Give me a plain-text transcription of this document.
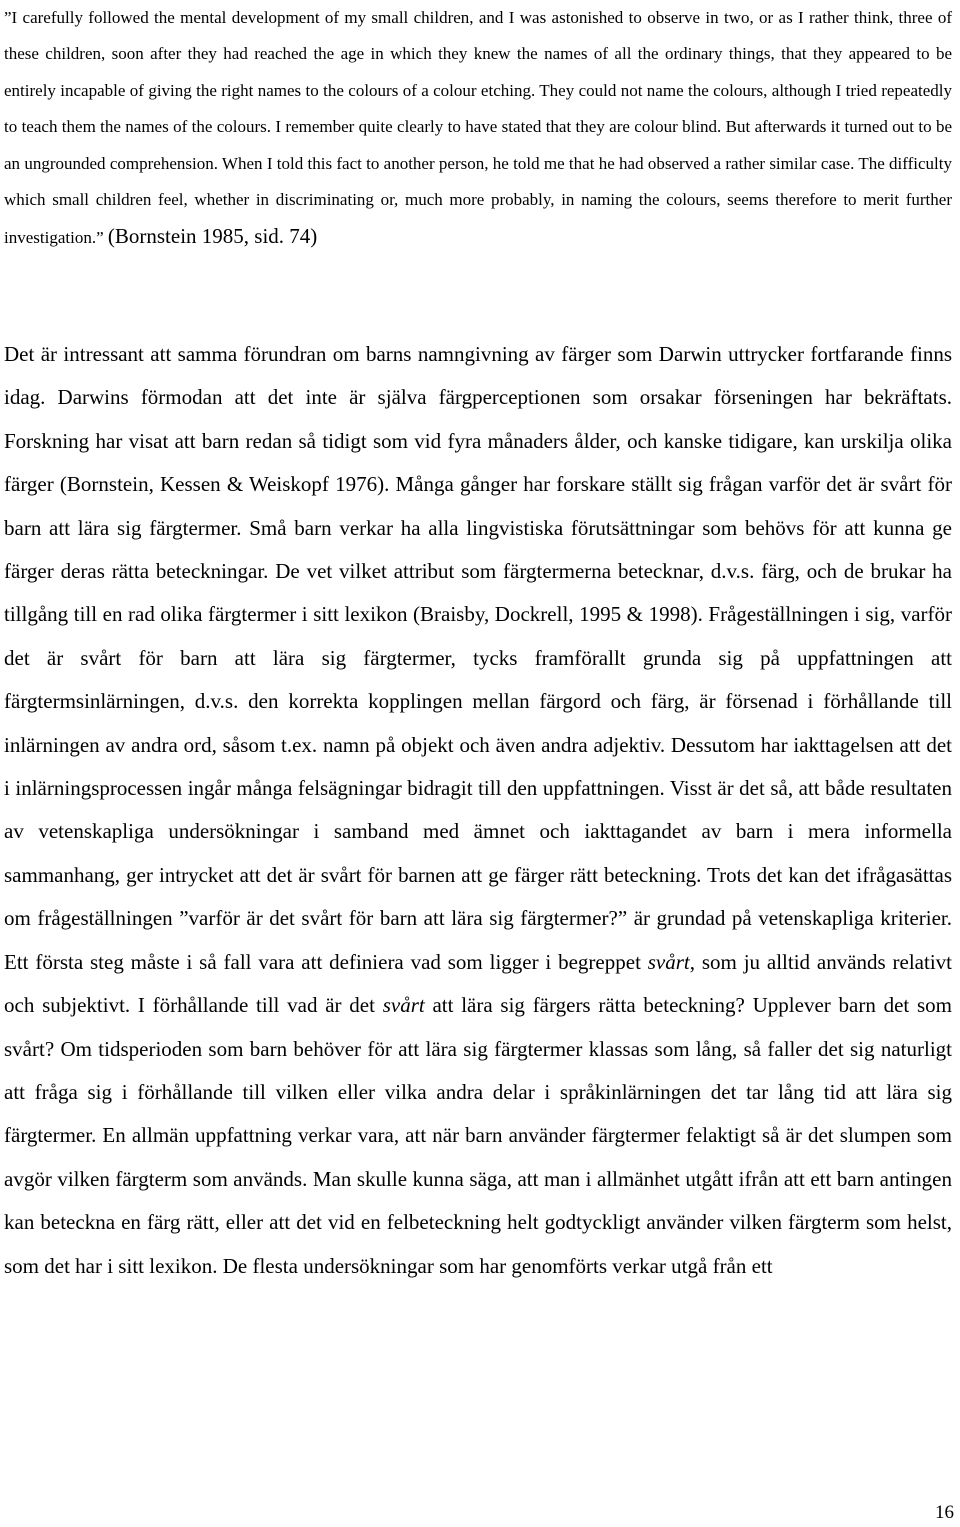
”I carefully followed the mental development of my small children, and I was astonished to observe in two, or as I rather think, three of these children, soon after they had reached the age in which they knew the names of all the ordinary things, that they appeared to be entirely incapable of giving the right names to the colours of a colour etching. They could not name the colours, although I tried repeatedly to teach them the names of the colours. I remember quite clearly to have stated that they are colour blind. But afterwards it turned out to be an ungrounded comprehension. When I told this fact to another person, he told me that he had observed a rather similar case. The difficulty which small children feel, whether in discriminating or, much more probably, in naming the colours, seems therefore to merit further investigation.” (Bornstein 1985, sid. 74)

Det är intressant att samma förundran om barns namngivning av färger som Darwin uttrycker fortfarande finns idag. Darwins förmodan att det inte är själva färgperceptionen som orsakar förseningen har bekräftats. Forskning har visat att barn redan så tidigt som vid fyra månaders ålder, och kanske tidigare, kan urskilja olika färger (Bornstein, Kessen & Weiskopf 1976). Många gånger har forskare ställt sig frågan varför det är svårt för barn att lära sig färgtermer. Små barn verkar ha alla lingvistiska förutsättningar som behövs för att kunna ge färger deras rätta beteckningar. De vet vilket attribut som färgtermerna betecknar, d.v.s. färg, och de brukar ha tillgång till en rad olika färgtermer i sitt lexikon (Braisby, Dockrell, 1995 & 1998). Frågeställningen i sig, varför det är svårt för barn att lära sig färgtermer, tycks framförallt grunda sig på uppfattningen att färgtermsinlärningen, d.v.s. den korrekta kopplingen mellan färgord och färg, är försenad i förhållande till inlärningen av andra ord, såsom t.ex. namn på objekt och även andra adjektiv. Dessutom har iakttagelsen att det i inlärningsprocessen ingår många felsägningar bidragit till den uppfattningen. Visst är det så, att både resultaten av vetenskapliga undersökningar i samband med ämnet och iakttagandet av barn i mera informella sammanhang, ger intrycket att det är svårt för barnen att ge färger rätt beteckning. Trots det kan det ifrågasättas om frågeställningen ”varför är det svårt för barn att lära sig färgtermer?” är grundad på vetenskapliga kriterier. Ett första steg måste i så fall vara att definiera vad som ligger i begreppet svårt, som ju alltid används relativt och subjektivt. I förhållande till vad är det svårt att lära sig färgers rätta beteckning? Upplever barn det som svårt? Om tidsperioden som barn behöver för att lära sig färgtermer klassas som lång, så faller det sig naturligt att fråga sig i förhållande till vilken eller vilka andra delar i språkinlärningen det tar lång tid att lära sig färgtermer. En allmän uppfattning verkar vara, att när barn använder färgtermer felaktigt så är det slumpen som avgör vilken färgterm som används. Man skulle kunna säga, att man i allmänhet utgått ifrån att ett barn antingen kan beteckna en färg rätt, eller att det vid en felbeteckning helt godtyckligt använder vilken färgterm som helst, som det har i sitt lexikon. De flesta undersökningar som har genomförts verkar utgå från ett

16
